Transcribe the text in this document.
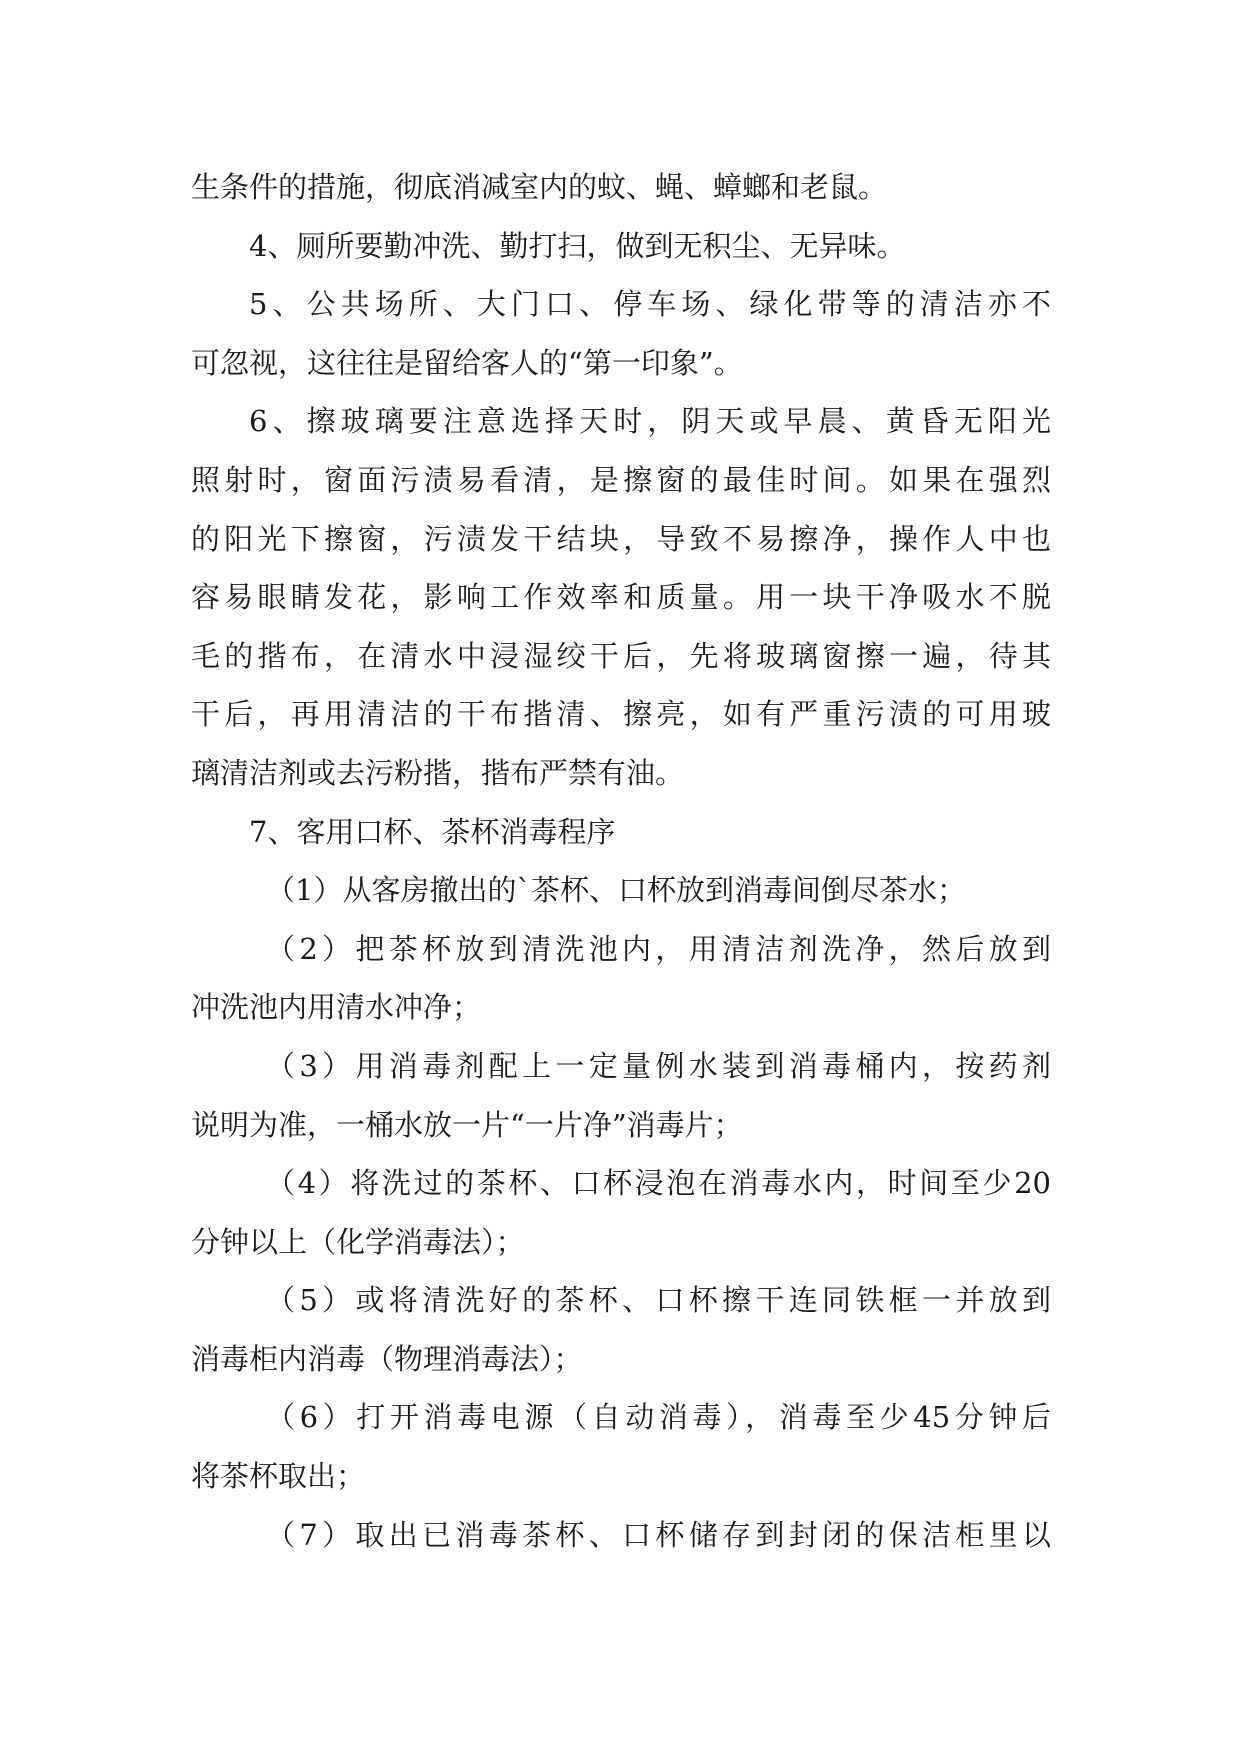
生条件的措施，彻底消减室内的蚊、蝇、蟑螂和老鼠。
4、厕所要勤冲洗、勤打扫，做到无积尘、无异味。
5、公共场所、大门口、停车场、绿化带等的清洁亦不
可忽视，这往往是留给客人的“第一印象”。
6、擦玻璃要注意选择天时，阴天或早晨、黄昏无阳光
照射时，窗面污渍易看清，是擦窗的最佳时间。如果在强烈
的阳光下擦窗，污渍发干结块，导致不易擦净，操作人中也
容易眼睛发花，影响工作效率和质量。用一块干净吸水不脱
毛的揩布，在清水中浸湿绞干后，先将玻璃窗擦一遍，待其
干后，再用清洁的干布揩清、擦亮，如有严重污渍的可用玻
璃清洁剂或去污粉揩，揩布严禁有油。
7、客用口杯、茶杯消毒程序
（1）从客房撤出的`茶杯、口杯放到消毒间倒尽茶水；
（2）把茶杯放到清洗池内，用清洁剂洗净，然后放到
冲洗池内用清水冲净；
（3）用消毒剂配上一定量例水装到消毒桶内，按药剂
说明为准，一桶水放一片“一片净”消毒片；
（4）将洗过的茶杯、口杯浸泡在消毒水内，时间至少20
分钟以上（化学消毒法）；
（5）或将清洗好的茶杯、口杯擦干连同铁框一并放到
消毒柜内消毒（物理消毒法）；
（6）打开消毒电源（自动消毒），消毒至少45分钟后
将茶杯取出；
（7）取出已消毒茶杯、口杯储存到封闭的保洁柜里以
